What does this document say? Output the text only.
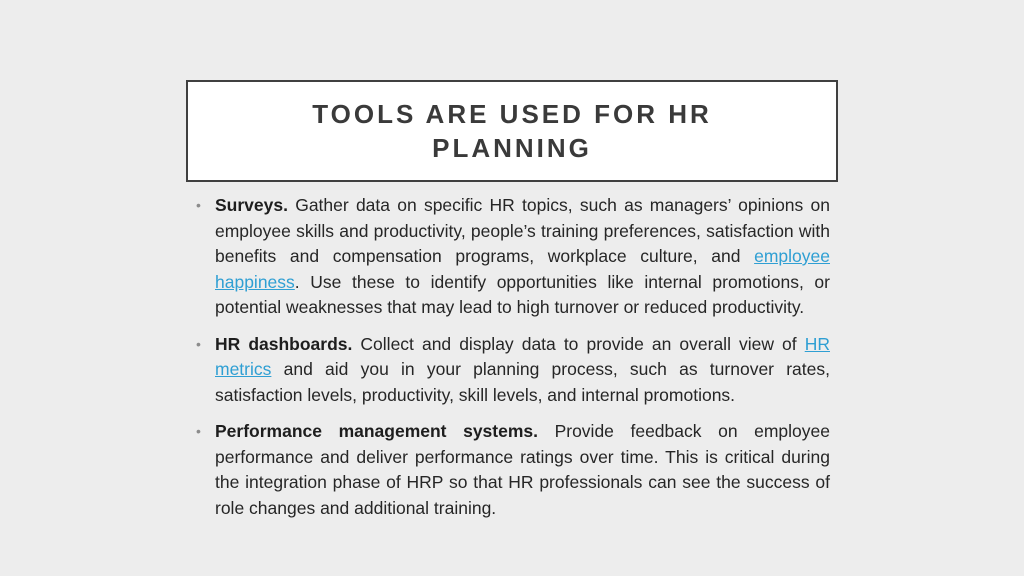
TOOLS ARE USED FOR HR PLANNING
• Surveys. Gather data on specific HR topics, such as managers’ opinions on employee skills and productivity, people’s training preferences, satisfaction with benefits and compensation programs, workplace culture, and employee happiness. Use these to identify opportunities like internal promotions, or potential weaknesses that may lead to high turnover or reduced productivity.
• HR dashboards. Collect and display data to provide an overall view of HR metrics and aid you in your planning process, such as turnover rates, satisfaction levels, productivity, skill levels, and internal promotions.
• Performance management systems. Provide feedback on employee performance and deliver performance ratings over time. This is critical during the integration phase of HRP so that HR professionals can see the success of role changes and additional training.
